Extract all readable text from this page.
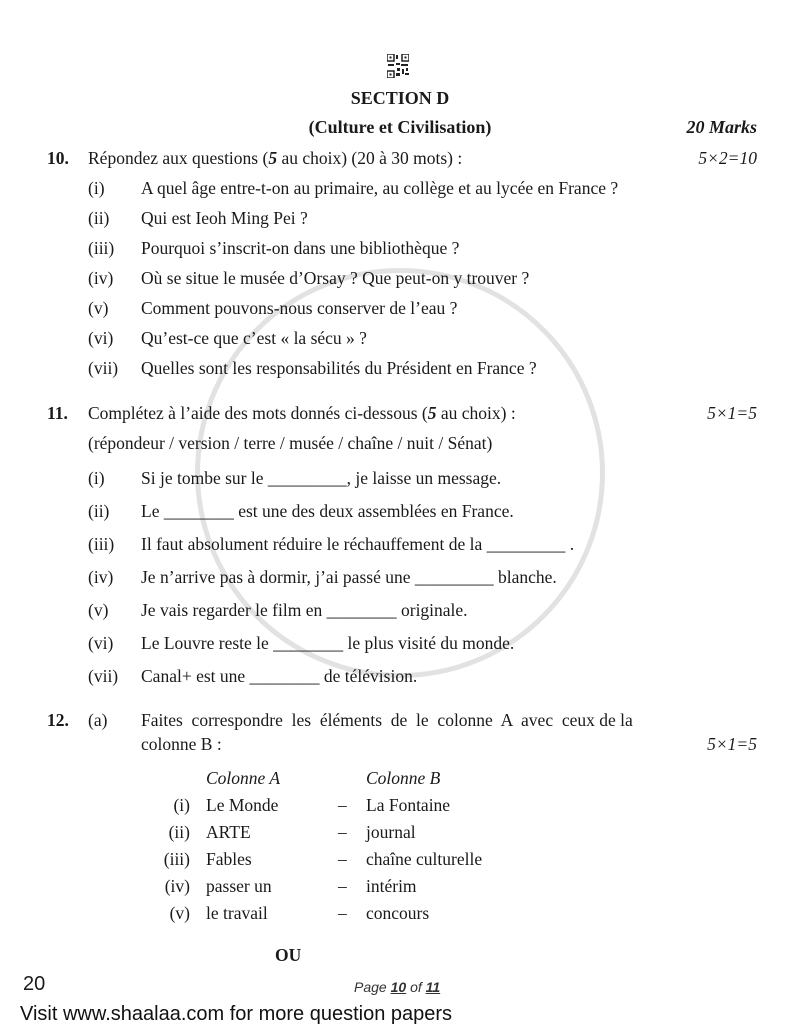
SECTION D
(Culture et Civilisation)	20 Marks
10. Répondez aux questions (5 au choix) (20 à 30 mots) :	5×2=10
(i) A quel âge entre-t-on au primaire, au collège et au lycée en France ?
(ii) Qui est Ieoh Ming Pei ?
(iii) Pourquoi s’inscrit-on dans une bibliothèque ?
(iv) Où se situe le musée d’Orsay ? Que peut-on y trouver ?
(v) Comment pouvons-nous conserver de l’eau ?
(vi) Qu’est-ce que c’est « la sécu » ?
(vii) Quelles sont les responsabilités du Président en France ?
11. Complétez à l’aide des mots donnés ci-dessous (5 au choix) :	5×1=5
(répondeur / version / terre / musée / chaîne / nuit / Sénat)
(i) Si je tombe sur le _________, je laisse un message.
(ii) Le ________ est une des deux assemblées en France.
(iii) Il faut absolument réduire le réchauffement de la _________ .
(iv) Je n’arrive pas à dormir, j’ai passé une _________ blanche.
(v) Je vais regarder le film en ________ originale.
(vi) Le Louvre reste le ________ le plus visité du monde.
(vii) Canal+ est une ________ de télévision.
12. (a) Faites  correspondre  les  éléments  de  le  colonne  A  avec  ceux de la
colonne B :	5×1=5
Colonne A	Colonne B
(i) Le Monde	– La Fontaine
(ii) ARTE	– journal
(iii) Fables	– chaîne culturelle
(iv) passer un	– intérim
(v) le travail	– concours
OU
20	Page 10 of 11
Visit www.shaalaa.com for more question papers
